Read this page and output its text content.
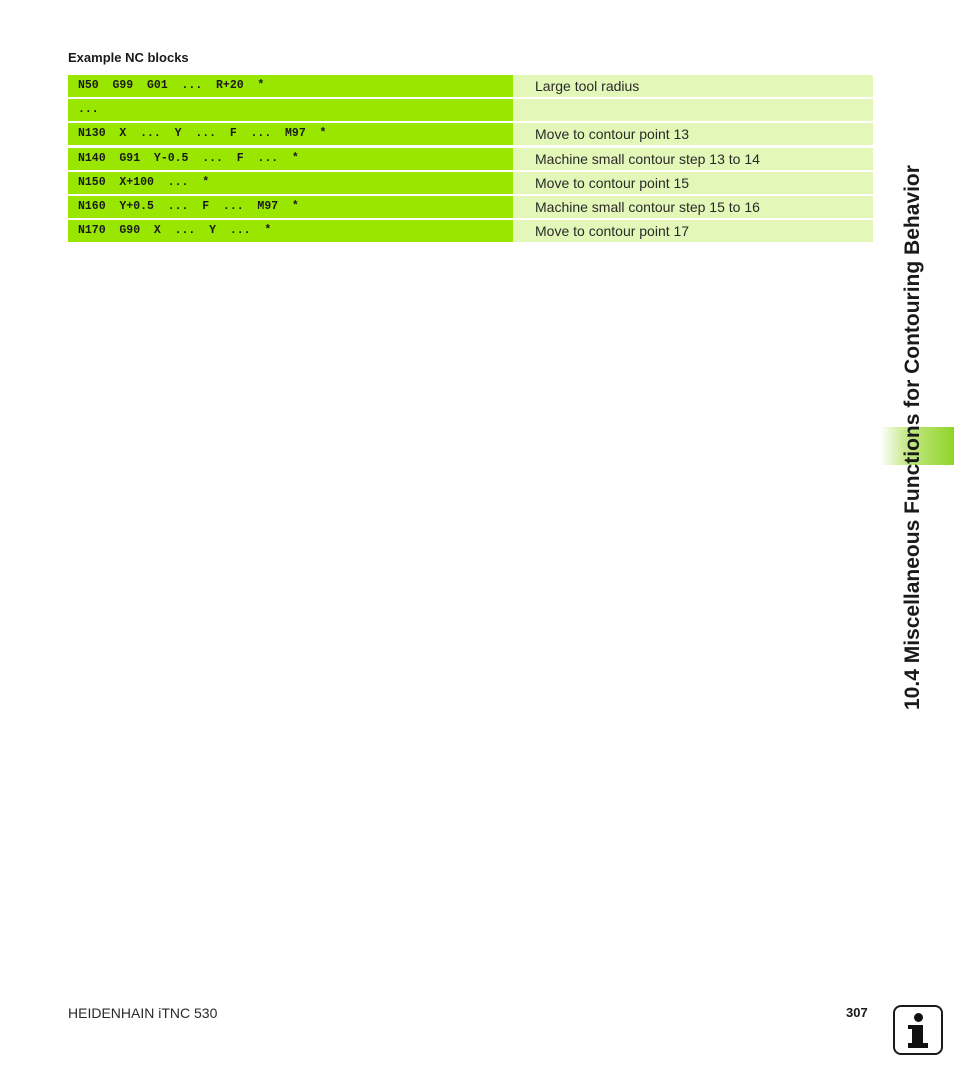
Example NC blocks
N50  G99  G01  ...  R+20  *	Large tool radius
...
N130  X  ...  Y  ...  F  ...  M97  *	Move to contour point 13
N140  G91  Y-0.5  ...  F  ...  *	Machine small contour step 13 to 14
N150  X+100  ...  *	Move to contour point 15
N160  Y+0.5  ...  F  ...  M97  *	Machine small contour step 15 to 16
N170  G90  X  ...  Y  ...  *	Move to contour point 17	10.4 Miscellaneous Functions for Contouring Behavior
HEIDENHAIN iTNC 530	307
